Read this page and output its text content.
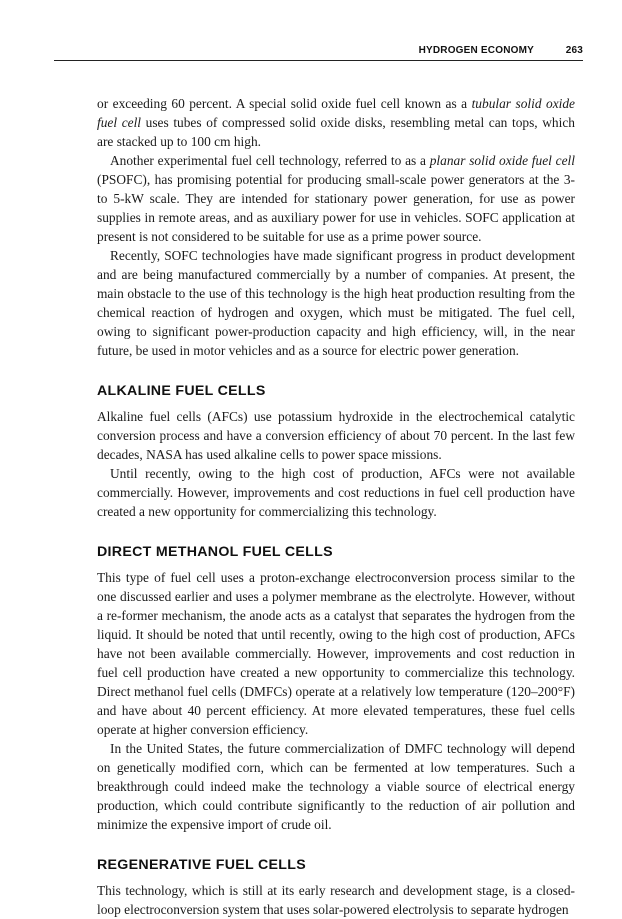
HYDROGEN ECONOMY	263

or exceeding 60 percent. A special solid oxide fuel cell known as a tubular solid oxide fuel cell uses tubes of compressed solid oxide disks, resembling metal can tops, which are stacked up to 100 cm high.

Another experimental fuel cell technology, referred to as a planar solid oxide fuel cell (PSOFC), has promising potential for producing small-scale power generators at the 3- to 5-kW scale. They are intended for stationary power generation, for use as power supplies in remote areas, and as auxiliary power for use in vehicles. SOFC application at present is not considered to be suitable for use as a prime power source.

Recently, SOFC technologies have made significant progress in product development and are being manufactured commercially by a number of companies. At present, the main obstacle to the use of this technology is the high heat production resulting from the chemical reaction of hydrogen and oxygen, which must be mitigated. The fuel cell, owing to significant power-production capacity and high efficiency, will, in the near future, be used in motor vehicles and as a source for electric power generation.

ALKALINE FUEL CELLS

Alkaline fuel cells (AFCs) use potassium hydroxide in the electrochemical catalytic conversion process and have a conversion efficiency of about 70 percent. In the last few decades, NASA has used alkaline cells to power space missions.

Until recently, owing to the high cost of production, AFCs were not available commercially. However, improvements and cost reductions in fuel cell production have created a new opportunity for commercializing this technology.

DIRECT METHANOL FUEL CELLS

This type of fuel cell uses a proton-exchange electroconversion process similar to the one discussed earlier and uses a polymer membrane as the electrolyte. However, without a re-former mechanism, the anode acts as a catalyst that separates the hydrogen from the liquid. It should be noted that until recently, owing to the high cost of production, AFCs have not been available commercially. However, improvements and cost reduction in fuel cell production have created a new opportunity to commercialize this technology. Direct methanol fuel cells (DMFCs) operate at a relatively low temperature (120–200°F) and have about 40 percent efficiency. At more elevated temperatures, these fuel cells operate at higher conversion efficiency.

In the United States, the future commercialization of DMFC technology will depend on genetically modified corn, which can be fermented at low temperatures. Such a breakthrough could indeed make the technology a viable source of electrical energy production, which could contribute significantly to the reduction of air pollution and minimize the expensive import of crude oil.

REGENERATIVE FUEL CELLS

This technology, which is still at its early research and development stage, is a closed-loop electroconversion system that uses solar-powered electrolysis to separate hydrogen
